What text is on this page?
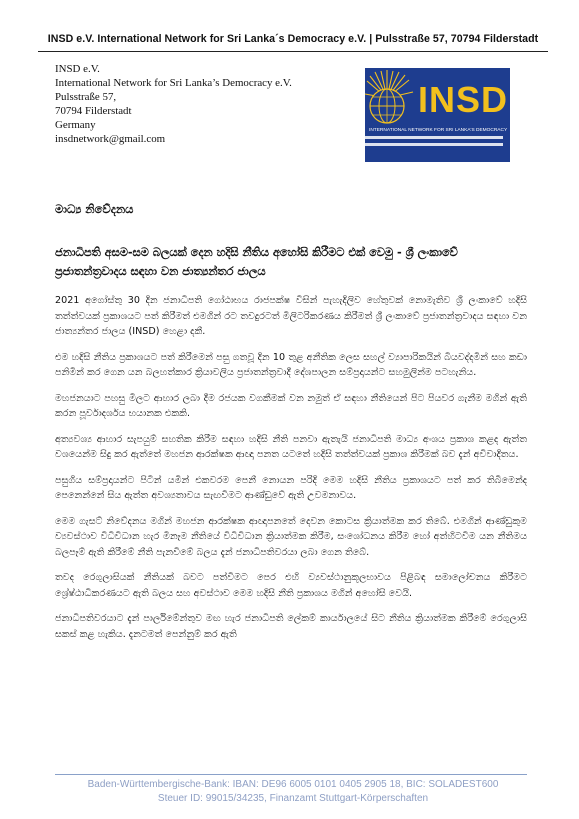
INSD e.V. International Network for Sri Lanka´s Democracy e.V. | Pulsstraße 57, 70794 Filderstadt
INSD e.V.
International Network for Sri Lanka’s Democracy e.V.
Pulsstraße 57,
70794 Filderstadt
Germany
insdnetwork@gmail.com
INSD
INTERNATIONAL NETWORK FOR SRI LANKA'S DEMOCRACY
මාධ්‍ය නිවේදනය
ජනාධිපති අසම-සම බලයක් දෙන හදිසි නීතිය අහෝසි කිරීමට එක් වෙමු - ශ්‍රී ලංකාවේ ප්‍රජාතන්ත්‍රවාදය සඳහා වන ජාත්‍යන්තර ජාලය

2021 අගෝස්තු 30 දින ජනාධිපති ගෝඨාභය රාජපක්ෂ විසින් පැහැදිලිව හේතුවක් නොමැතිව ශ්‍රී ලංකාවේ හදිසි තත්ත්වයක් ප්‍රකාශයට පත් කිරීමත් එමගින් රට තවදුරටත් මිලිටරිකරණය කිරීමත් ශ්‍රී ලංකාවේ ප්‍රජාතන්ත්‍රවාදය සඳහා වන ජාත්‍යන්තර ජාලය (INSD) හෙළා දකී.

එම හදිසි නීතිය ප්‍රකාශයට පත් කිරීමෙන් පසු ගතවූ දින 10 තුළ අනීතික ලෙස සහල් ව්‍යාපාරිකයින් බියවද්දමින් සහ කඩා පනිමින් කර ගෙන යන බලහත්කාර ක්‍රියාවලිය ප්‍රජාතන්ත්‍රවාදී දේශපාලන සම්ප්‍රදායන්ට සහමුලින්ම පටහැනිය.

මහජනයාට පහසු මිලට ආහාර ලබා දීම රජයක වගකීමක් වන නමුත් ඒ සඳහා නීතියෙන් පිට පියවර ගැනීම මගින් ඇති කරන පූර්වාදර්ශය භයානක එකකි.

අත්‍යවශ්‍ය ආහාර සැපයුම් සහතික කිරීම සඳහා හදිසි නීති පනවා ඇතැයි ජනාධිපති මාධ්‍ය අංශය ප්‍රකාශ කළද ඇත්ත වශයෙන්ම සිදු කර ඇත්තේ මහජන ආරක්ෂක ආඥා පනත යටතේ හදිසි තත්ත්වයක් ප්‍රකාශ කිරීමක් බව දැන් අවිවාදිතය.

පසුගිය සම්ප්‍රදායන්ට පිටින් යමින් එකවරම පෙනී නොයන පරිදි මෙම හදිසි නීතිය ප්‍රකාශයට පත් කර තිබීමෙන්ද පෙනෙන්නේ සිය ඇත්ත අවශ්‍යතාවය සැඟවීමට ආණ්ඩුවේ ඇති උවමනාවය.

මෙම ගැසට් නිවේදනය මගින් මහජන ආරක්ෂක ආඥාපනතේ දෙවන කොටස ක්‍රියාත්මක කර තිබේ. එමගින් ආණ්ඩුකුම ව්‍යවස්ථාව විධිවිධාන හැර මිනෑම නීතියේ විධිවිධාන ක්‍රියාත්මක කිරීම, සංශෝධනය කිරීම හෝ අත්හිටවීම යන නීතිමය බලපෑම් ඇති කිරීමේ නීති පැනවීමේ බලය දැන් ජනාධිපතිවරයා ලබා ගෙන තිබේ.

තවද රෙගුලාසියක් නීතියක් බවට පත්වීමට පෙර එහි ව්‍යවස්ථානුකූලභාවය පිළිබඳ සමාලෝචනය කිරීමට ශ්‍රේෂ්ඨාධිකරණයට ඇති බලය සහ අවස්ථාව මෙම හදිසි නීති ප්‍රකාශය මගින් අහෝසි වෙයි.

ජනාධිපතිවරයාට දැන් පාර්ලිමේන්තුව මඟ හැර ජනාධිපති ලේකම් කාර්යාලයේ සිට නීතිය ක්‍රියාත්මක කිරීමේ රෙගුලාසි සකස් කළ හැකිය. දැනටමත් පෙන්නුම් කර ඇති

Baden-Württembergische-Bank: IBAN: DE96 6005 0101 0405 2905 18, BIC: SOLADEST600
Steuer ID: 99015/34235, Finanzamt Stuttgart-Körperschaften
